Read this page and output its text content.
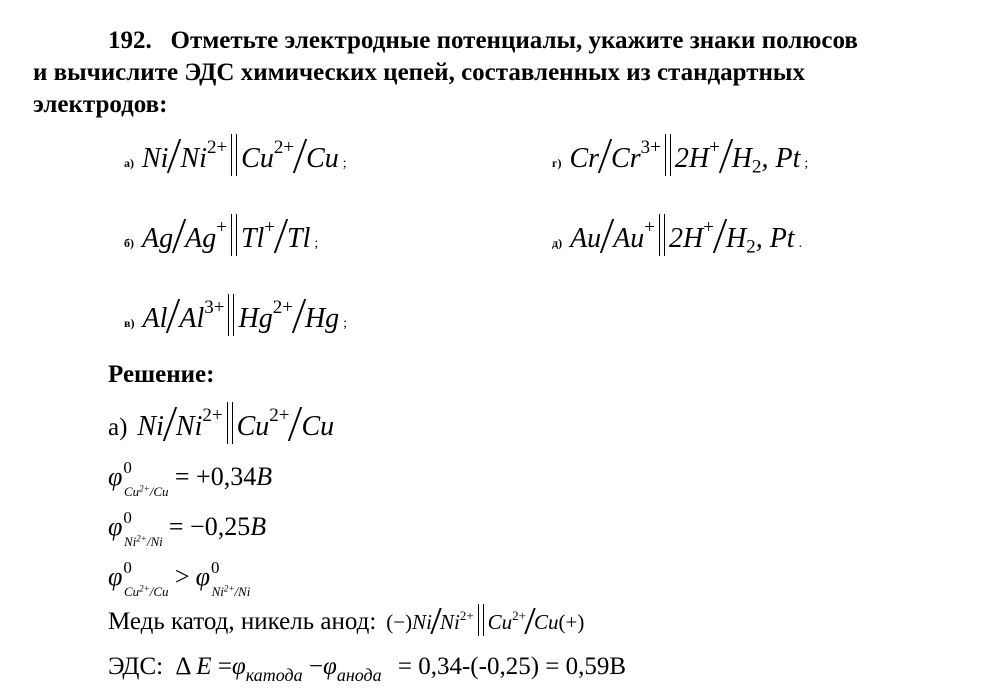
192. Отметьте электродные потенциалы, укажите знаки полюсов
и вычислите ЭДС химических цепей, составленных из стандартных
электродов:
а) Ni $Ni^{2+}$ $Cu^{2+}$ Cu ;	г) Cr $Cr^{3+}$ 2H+ $H_2$, Pt ;
б) Ag Ag+ Tl+ Tl ;	д) Au Au+ 2H+ $H_2$, Pt .
в) Al $Al^{3+}$ $Hg^{2+}$ Hg ;
Решение:
а) Ni $Ni^{2+}$ $Cu^{2+}$ Cu
$\varphi^0$
$Cu^{2+}/Cu$
= +0,34B
$\varphi^0$
$Ni^{2+}/Ni$
= −0,25B
$\varphi^0$
$Cu^{2+}/Cu$
> $\varphi^0$
$Ni^{2+}/Ni$
Медь катод, никель анод: (−)Ni $Ni^{2+}$ $Cu^{2+}$ Cu(+)
ЭДС: Δ $E =\varphi_{катода} -\varphi_{анода} = 0,34-(-0,25) = 0,59В$
